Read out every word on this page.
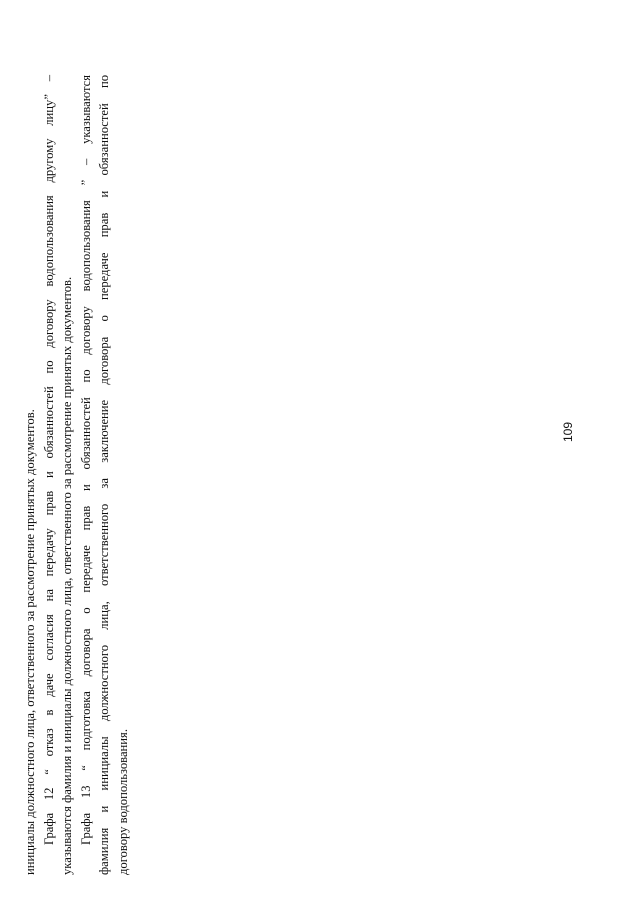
инициалы должностного лица, ответственного за рассмотрение принятых документов. Графа 12 “ отказ в даче согласия на передачу прав и обязанностей по договору водопользования другому лицу” – указываются фамилия и инициалы должностного лица, ответственного за рассмотрение принятых документов. Графа 13 “ подготовка договора о передаче прав и обязанностей по договору водопользования ” – указываются фамилия и инициалы должностного лица, ответственного за заключение договора о передаче прав и обязанностей по договору водопользования.

109
